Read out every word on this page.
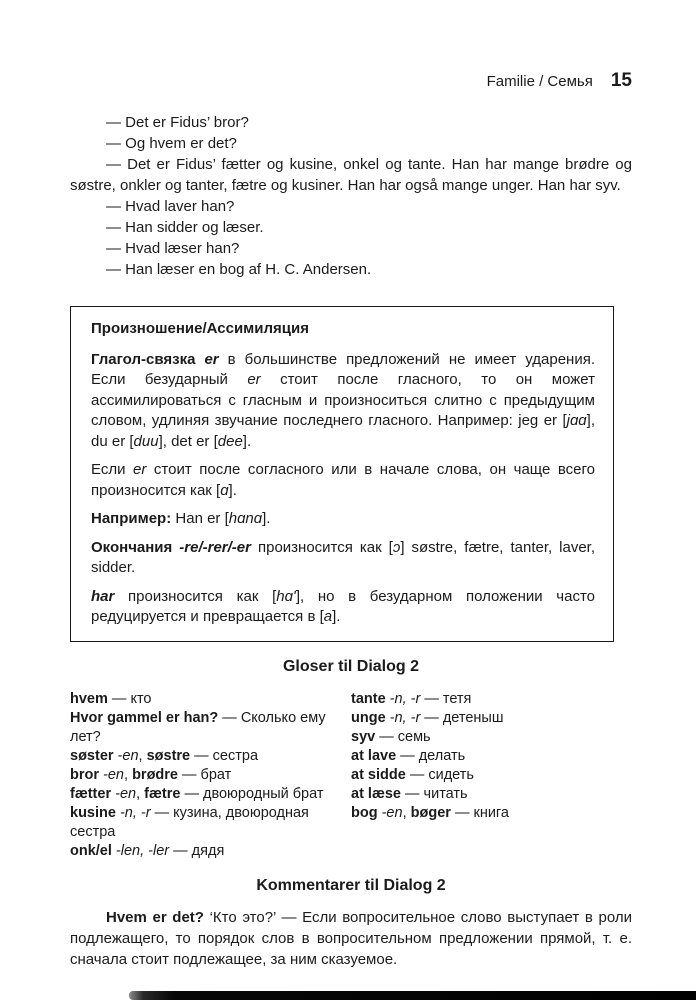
Familie / Семья 15

— Det er Fidus’ bror?

— Og hvem er det?

— Det er Fidus’ fætter og kusine, onkel og tante. Han har mange brødre og søstre, onkler og tanter, fætre og kusiner. Han har også mange unger. Han har syv.

— Hvad laver han?

— Han sidder og læser.

— Hvad læser han?

— Han læser en bog af H. C. Andersen.

Произношение/Ассимиляция

Глагол-связка er в большинстве предложений не имеет ударения. Если безударный er стоит после гласного, то он может ассимилироваться с гласным и произноситься слитно с предыдущим словом, удлиняя звучание последнего гласного. Например: jeg er [jɑɑ], du er [duu], det er [dee].

Если er стоит после согласного или в начале слова, он чаще всего произносится как [ɑ].

Например: Han er [hɑnɑ].

Окончания -re/-rer/-er произносится как [ɔ] søstre, fætre, tanter, laver, sidder.

har произносится как [hɑʹ], но в безударном положении часто редуцируется и превращается в [a].

Gloser til Dialog 2

hvem — кто

Hvor gammel er han? — Сколько ему лет?

søster -en, søstre — сестра

bror -en, brødre — брат

fætter -en, fætre — двоюродный брат

kusine -n, -r — кузина, двоюродная сестра

onk/el -len, -ler — дядя

tante -n, -r — тетя

unge -n, -r — детеныш

syv — семь

at lave — делать

at sidde — сидеть

at læse — читать

bog -en, bøger — книга

Kommentarer til Dialog 2

Hvem er det? ‘Кто это?’ — Если вопросительное слово выступает в роли подлежащего, то порядок слов в вопросительном предложении прямой, т. е. сначала стоит подлежащее, за ним сказуемое.
